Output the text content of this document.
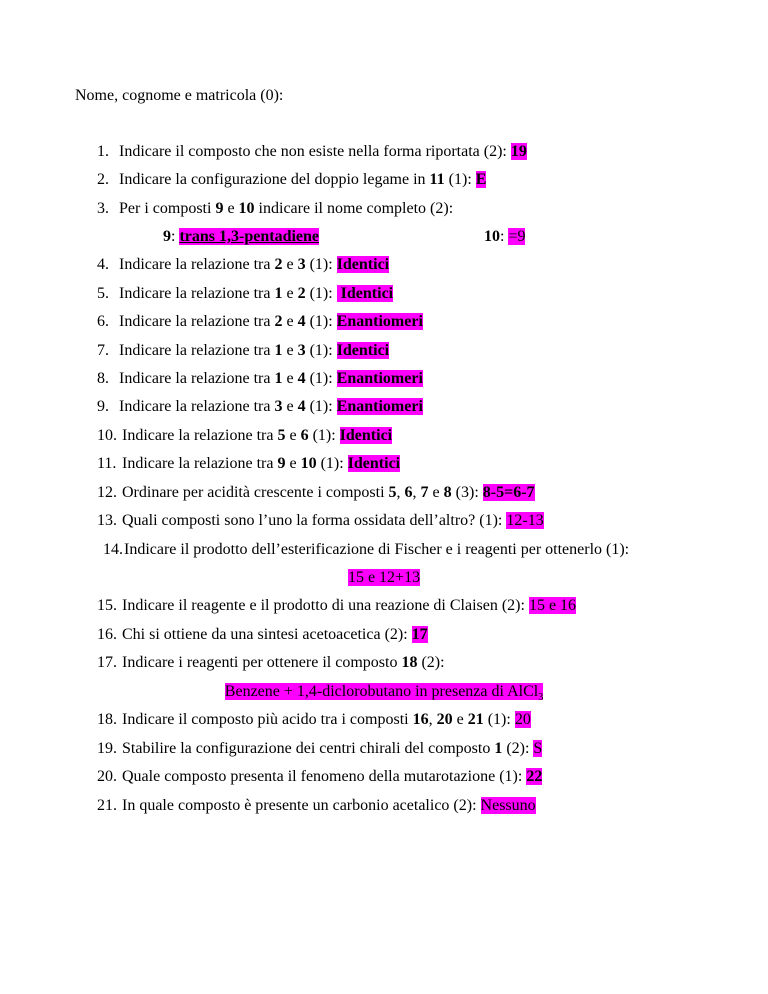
Nome, cognome e matricola (0):
1. Indicare il composto che non esiste nella forma riportata (2): 19
2. Indicare la configurazione del doppio legame in 11 (1): E
3. Per i composti 9 e 10 indicare il nome completo (2):
9: trans 1,3-pentadiene	10: =9
4. Indicare la relazione tra 2 e 3 (1): Identici
5. Indicare la relazione tra 1 e 2 (1):  Identici
6. Indicare la relazione tra 2 e 4 (1): Enantiomeri
7. Indicare la relazione tra 1 e 3 (1): Identici
8. Indicare la relazione tra 1 e 4 (1): Enantiomeri
9. Indicare la relazione tra 3 e 4 (1): Enantiomeri
10. Indicare la relazione tra 5 e 6 (1): Identici
11. Indicare la relazione tra 9 e 10 (1): Identici
12. Ordinare per acidità crescente i composti 5, 6, 7 e 8 (3): 8-5=6-7
13. Quali composti sono l’uno la forma ossidata dell’altro? (1): 12-13
14.Indicare il prodotto dell’esterificazione di Fischer e i reagenti per ottenerlo (1):
15 e 12+13
15. Indicare il reagente e il prodotto di una reazione di Claisen (2): 15 e 16
16. Chi si ottiene da una sintesi acetoacetica (2): 17
17. Indicare i reagenti per ottenere il composto 18 (2):
Benzene + 1,4-diclorobutano in presenza di AlCl$_3$
18. Indicare il composto più acido tra i composti 16, 20 e 21 (1): 20
19. Stabilire la configurazione dei centri chirali del composto 1 (2): S
20. Quale composto presenta il fenomeno della mutarotazione (1): 22
21. In quale composto è presente un carbonio acetalico (2): Nessuno
